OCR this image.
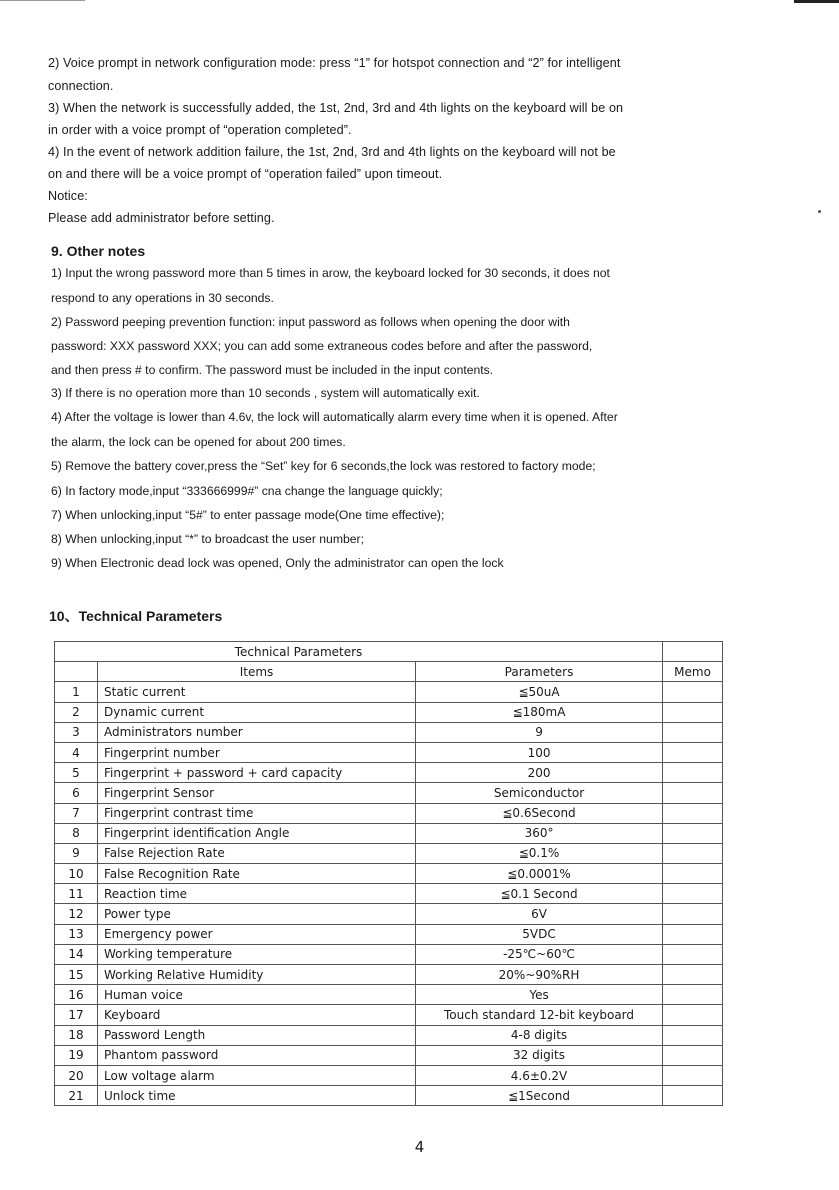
2) Voice prompt in network configuration mode: press “1” for hotspot connection and “2” for intelligent
connection.
3) When the network is successfully added, the 1st, 2nd, 3rd and 4th lights on the keyboard will be on
in order with a voice prompt of “operation completed”.
4) In the event of network addition failure, the 1st, 2nd, 3rd and 4th lights on the keyboard will not be
on and there will be a voice prompt of “operation failed” upon timeout.
Notice:
Please add administrator before setting.
9. Other notes
1) Input the wrong password more than 5 times in arow, the keyboard locked for 30 seconds, it does not
respond to any operations in 30 seconds.
2) Password peeping prevention function: input password as follows when opening the door with
password: XXX password XXX; you can add some extraneous codes before and after the password,
and then press # to confirm. The password must be included in the input contents.
3) If there is no operation more than 10 seconds , system will automatically exit.
4) After the voltage is lower than 4.6v, the lock will automatically alarm every time when it is opened. After
the alarm, the lock can be opened for about 200 times.
5) Remove the battery cover,press the “Set” key for 6 seconds,the lock was restored to factory mode;
6) In factory mode,input “333666999#” cna change the language quickly;
7) When unlocking,input “5#” to enter passage mode(One time effective);
8) When unlocking,input “*” to broadcast the user number;
9) When Electronic dead lock was opened, Only the administrator can open the lock
10、Technical Parameters
Technical Parameters			
	Items	Parameters	Memo
1	Static current	≦50uA	
2	Dynamic current	≦180mA	
3	Administrators number	9	
4	Fingerprint number	100	
5	Fingerprint + password + card capacity	200	
6	Fingerprint Sensor	Semiconductor	
7	Fingerprint contrast time	≦0.6Second	
8	Fingerprint identification Angle	360°	
9	False Rejection Rate	≦0.1%	
10	False Recognition Rate	≦0.0001%	
11	Reaction time	≦0.1 Second	
12	Power type	6V	
13	Emergency power	5VDC	
14	Working temperature	-25℃~60℃	
15	Working Relative Humidity	20%~90%RH	
16	Human voice	Yes	
17	Keyboard	Touch standard 12-bit keyboard	
18	Password Length	4-8 digits	
19	Phantom password	32 digits	
20	Low voltage alarm	4.6±0.2V	
21	Unlock time	≦1Second	
4
